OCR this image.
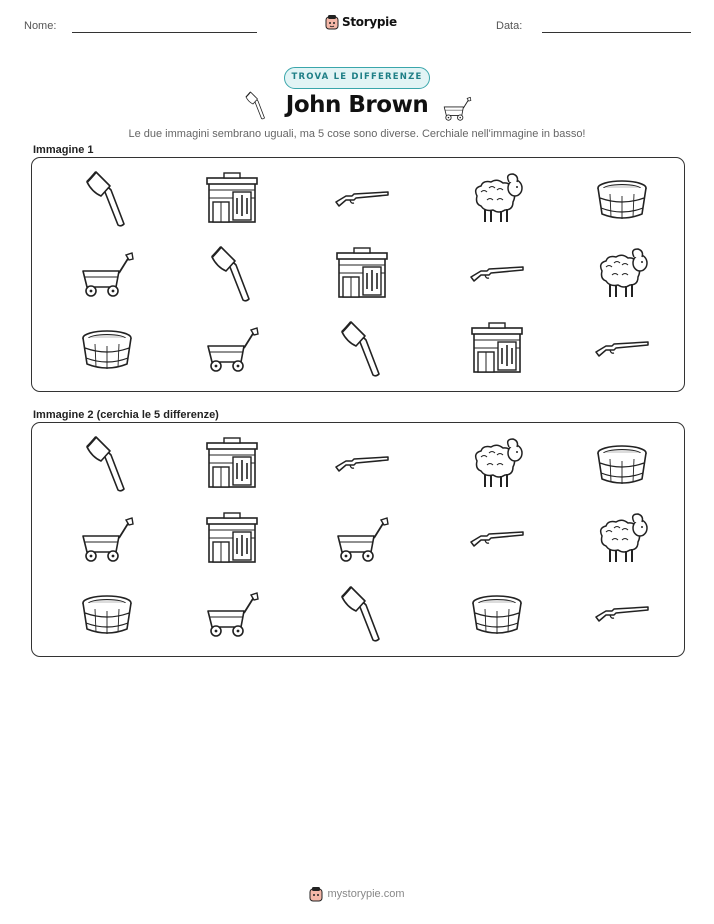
Nome:	Storypie	Data:
TROVA LE DIFFERENZE
John Brown
Le due immagini sembrano uguali, ma 5 cose sono diverse. Cerchiale nell'immagine in basso!
Immagine 1
Immagine 2 (cerchia le 5 differenze)
mystorypie.com
